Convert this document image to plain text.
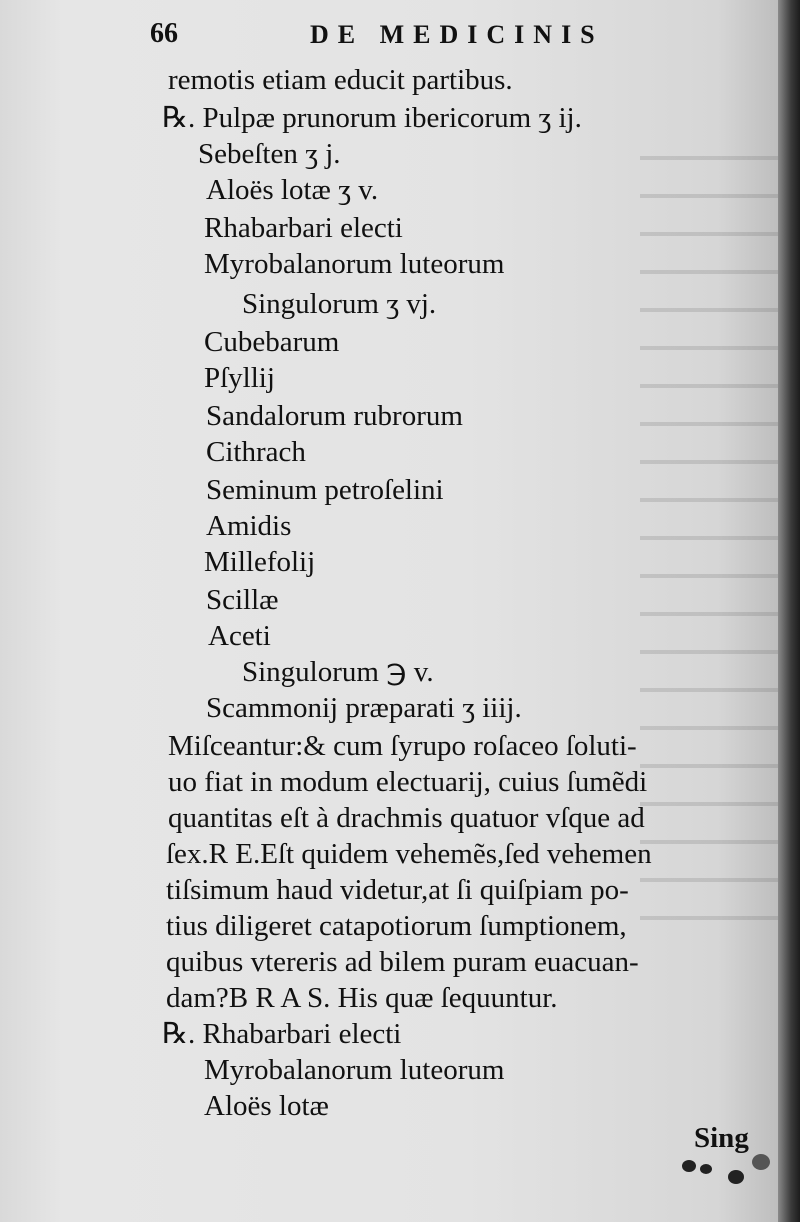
66	DE MEDICINIS
remotis etiam educit partibus.
℞. Pulpæ prunorum ibericorum ʒ ij.
Sebeſten ʒ j.
Aloës lotæ ʒ v.
Rhabarbari electi
Myrobalanorum luteorum
Singulorum ʒ vj.
Cubebarum
Pſyllij
Sandalorum rubrorum
Cithrach
Seminum petroſelini
Amidis
Millefolij
Scillæ
Aceti
Singulorum ℈ v.
Scammonij præparati ʒ iiij.
Miſceantur:& cum ſyrupo roſaceo ſoluti-
uo fiat in modum electuarij, cuius ſumẽdi
quantitas eſt à drachmis quatuor vſque ad
ſex.R E.Eſt quidem vehemẽs,ſed vehemen
tiſsimum haud videtur,at ſi quiſpiam po-
tius diligeret catapotiorum ſumptionem,
quibus vtereris ad bilem puram euacuan-
dam?B R A S. His quæ ſequuntur.
℞. Rhabarbari electi
Myrobalanorum luteorum
Aloës lotæ
Sing
